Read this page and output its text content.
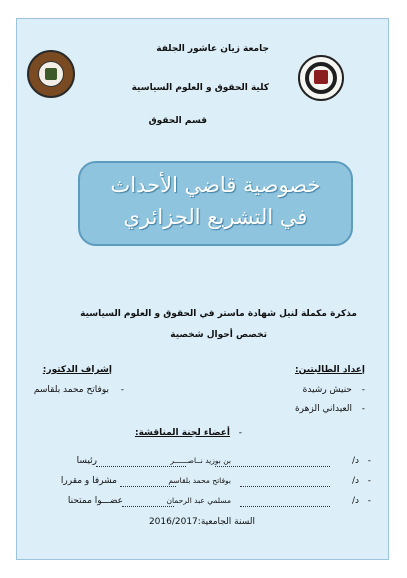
جامعة زيان عاشور الجلفة
كلية الحقوق و العلوم السياسية
قسم الحقوق
خصوصية قاضي الأحداث
في التشريع الجزائري
مذكرة مكملة لنيل شهادة ماستر في الحقوق و العلوم السياسية
تخصص أحوال شخصية
إعداد الطالبتين:
-
حنيش رشيدة
-
العيداني الزهرة
إشراف الدكتور:
-
بوفاتح محمد بلقاسم
-
أعضاء لجنة المناقشة:
-
د/
بن بوزيد نــاصــــــر
رئيسا
-
د/
بوفاتح محمد بلقاسم
مشرفا و مقررا
-
د/
مسلمي عبد الرحمان
عضـــوا ممتحنا
السنة الجامعية:2016/2017
